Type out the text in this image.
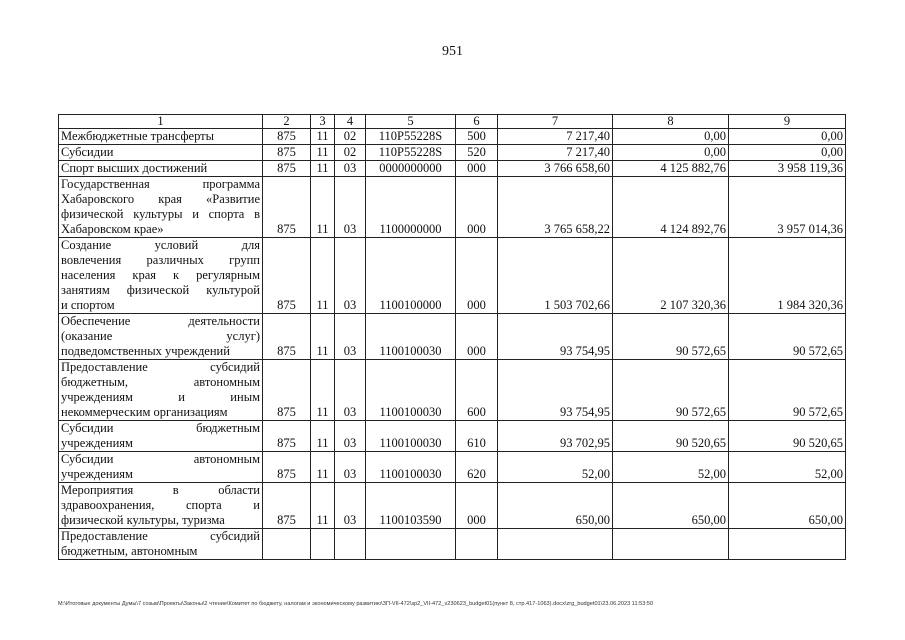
951
1	2	3	4	5	6	7	8	9

Межбюджетные трансферты	875	11	02	110P55228S	500	7 217,40	0,00	0,00

Субсидии	875	11	02	110P55228S	520	7 217,40	0,00	0,00

Спорт высших достижений	875	11	03	0000000000	000	3 766 658,60	4 125 882,76	3 958 119,36

Государственная программа
Хабаровского края «Развитие
физической культуры и спорта в
Хабаровском крае»	875	11	03	1100000000	000	3 765 658,22	4 124 892,76	3 957 014,36

Создание условий для
вовлечения различных групп
населения края к регулярным
занятиям физической культурой
и спортом	875	11	03	1100100000	000	1 503 702,66	2 107 320,36	1 984 320,36

Обеспечение деятельности
(оказание услуг)
подведомственных учреждений	875	11	03	1100100030	000	93 754,95	90 572,65	90 572,65

Предоставление субсидий
бюджетным, автономным
учреждениям и иным
некоммерческим организациям	875	11	03	1100100030	600	93 754,95	90 572,65	90 572,65

Субсидии бюджетным
учреждениям	875	11	03	1100100030	610	93 702,95	90 520,65	90 520,65

Субсидии автономным
учреждениям	875	11	03	1100100030	620	52,00	52,00	52,00

Мероприятия в области
здравоохранения, спорта и
физической культуры, туризма	875	11	03	1100103590	000	650,00	650,00	650,00

Предоставление субсидий
бюджетным, автономным								

M:\Итоговые документы Думы\7 созыв\Проекты\Законы\2 чтение\Комитет по бюджету, налогам и экономическому развитию\ЗП-VII-472\зр2_VII-472_v230623_budget01(пункт 8, стр.417-1063).docx\zrg_budget01\23.06.2023 11:53:50
